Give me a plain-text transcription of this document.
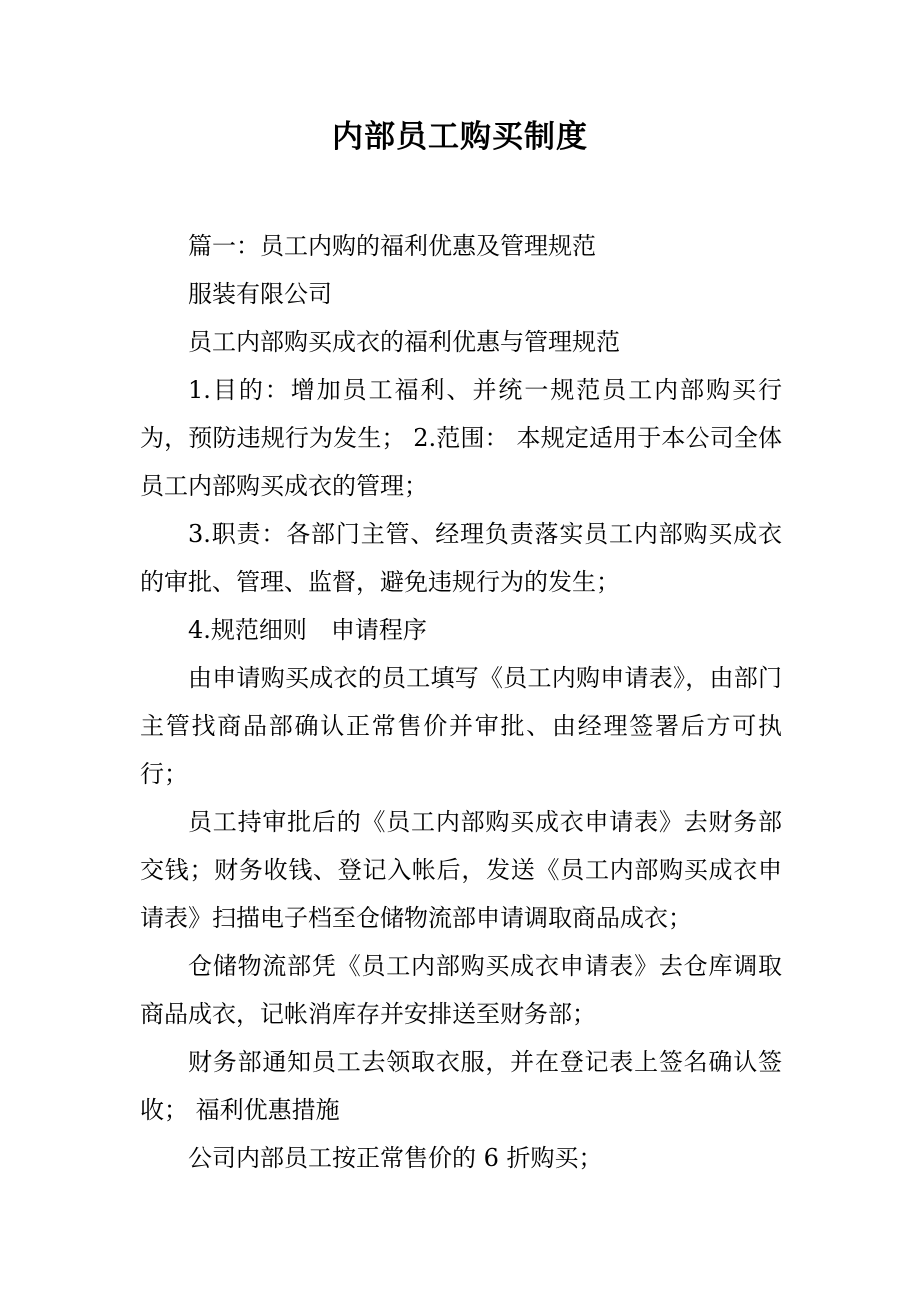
内部员工购买制度

篇一：员工内购的福利优惠及管理规范

服装有限公司

员工内部购买成衣的福利优惠与管理规范

1.目的：增加员工福利、并统一规范员工内部购买行为，预防违规行为发生； 2.范围： 本规定适用于本公司全体员工内部购买成衣的管理；

3.职责：各部门主管、经理负责落实员工内部购买成衣的审批、管理、监督，避免违规行为的发生；

4.规范细则　申请程序

由申请购买成衣的员工填写《员工内购申请表》，由部门主管找商品部确认正常售价并审批、由经理签署后方可执行；

员工持审批后的《员工内部购买成衣申请表》去财务部交钱；财务收钱、登记入帐后，发送《员工内部购买成衣申请表》扫描电子档至仓储物流部申请调取商品成衣；

仓储物流部凭《员工内部购买成衣申请表》去仓库调取商品成衣，记帐消库存并安排送至财务部；

财务部通知员工去领取衣服，并在登记表上签名确认签收； 福利优惠措施

公司内部员工按正常售价的 6 折购买；
